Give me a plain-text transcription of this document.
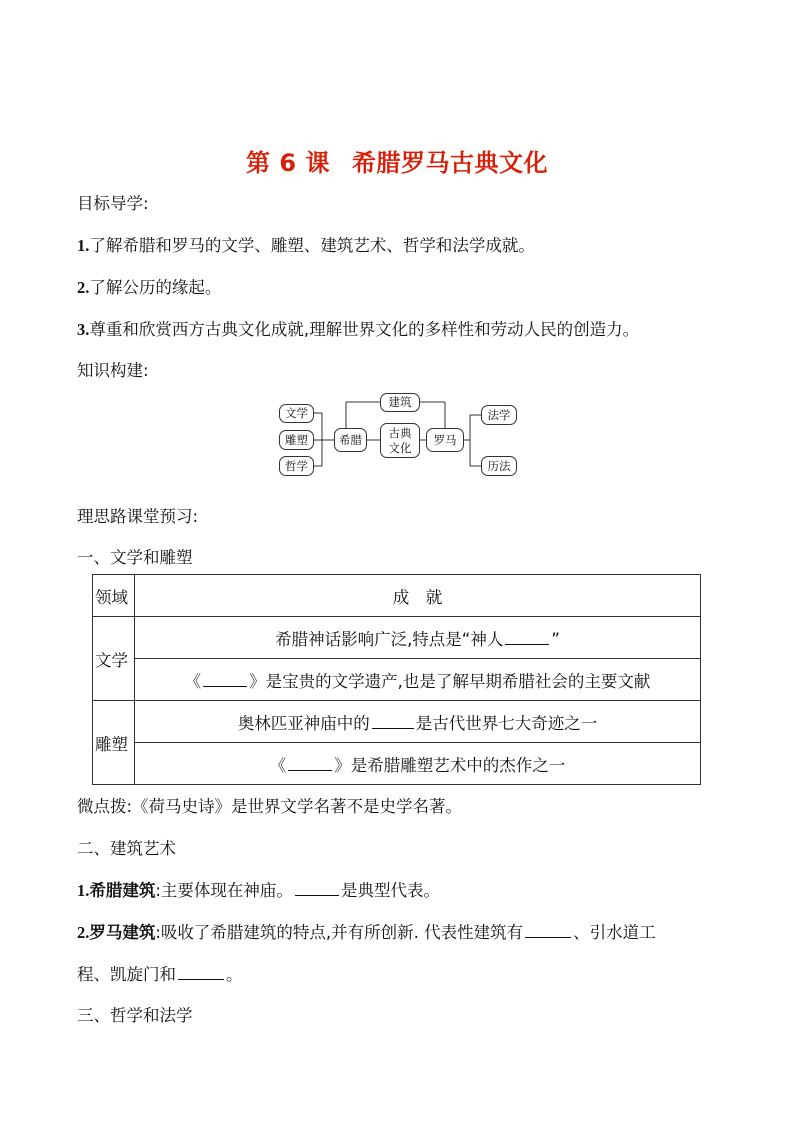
第 6 课 希腊罗马古典文化
目标导学:
1.了解希腊和罗马的文学、雕塑、建筑艺术、哲学和法学成就。
2.了解公历的缘起。
3.尊重和欣赏西方古典文化成就,理解世界文化的多样性和劳动人民的创造力。
知识构建:
文学
雕塑
哲学
希腊
建筑
古典
文化
罗马
法学
历法
理思路课堂预习:
一、文学和雕塑
领域	成　就
文学	希腊神话影响广泛,特点是“神人 ”
	《 》是宝贵的文学遗产,也是了解早期希腊社会的主要文献
雕塑	奥林匹亚神庙中的 是古代世界七大奇迹之一
	《 》是希腊雕塑艺术中的杰作之一
微点拨:《荷马史诗》是世界文学名著不是史学名著。
二、建筑艺术
1.希腊建筑:主要体现在神庙。	是典型代表。
2.罗马建筑:吸收了希腊建筑的特点,并有所创新. 代表性建筑有	、引水道工
程、凯旋门和	。
三、哲学和法学
